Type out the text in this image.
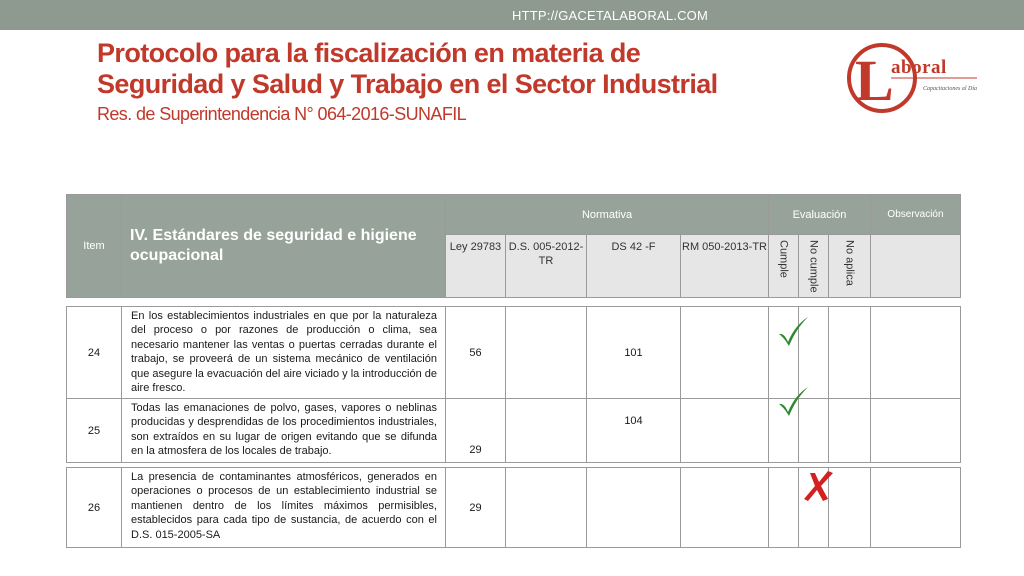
HTTP://GACETALABORAL.COM
Protocolo para la fiscalización en materia de
Seguridad y Salud y Trabajo en el Sector Industrial
Res. de Superintendencia N° 064-2016-SUNAFIL
L
aboral
Capacitaciones al Día
Item	IV. Estándares de seguridad e higiene ocupacional	Normativa				Evaluación			Observación
		Ley 29783	D.S. 005-2012-TR	DS 42 -F	RM 050-2013-TR	Cumple	No cumple	No aplica	
24	En los establecimientos industriales en que por la naturaleza del proceso o por razones de producción o clima, sea necesario mantener las ventas o puertas cerradas durante el trabajo, se proveerá de un sistema mecánico de ventilación que asegure la evacuación del aire viciado y la introducción de aire fresco.	56		101					
25	Todas las emanaciones de polvo, gases, vapores o neblinas producidas y desprendidas de los procedimientos industriales, son extraídos en su lugar de origen evitando que se difunda en la atmosfera de los locales de trabajo.	29		104					
26	La presencia de contaminantes atmosféricos, generados en operaciones o procesos de un establecimiento industrial se mantienen dentro de los límites máximos permisibles, establecidos para cada tipo de sustancia, de acuerdo con el D.S. 015-2005-SA	29							
